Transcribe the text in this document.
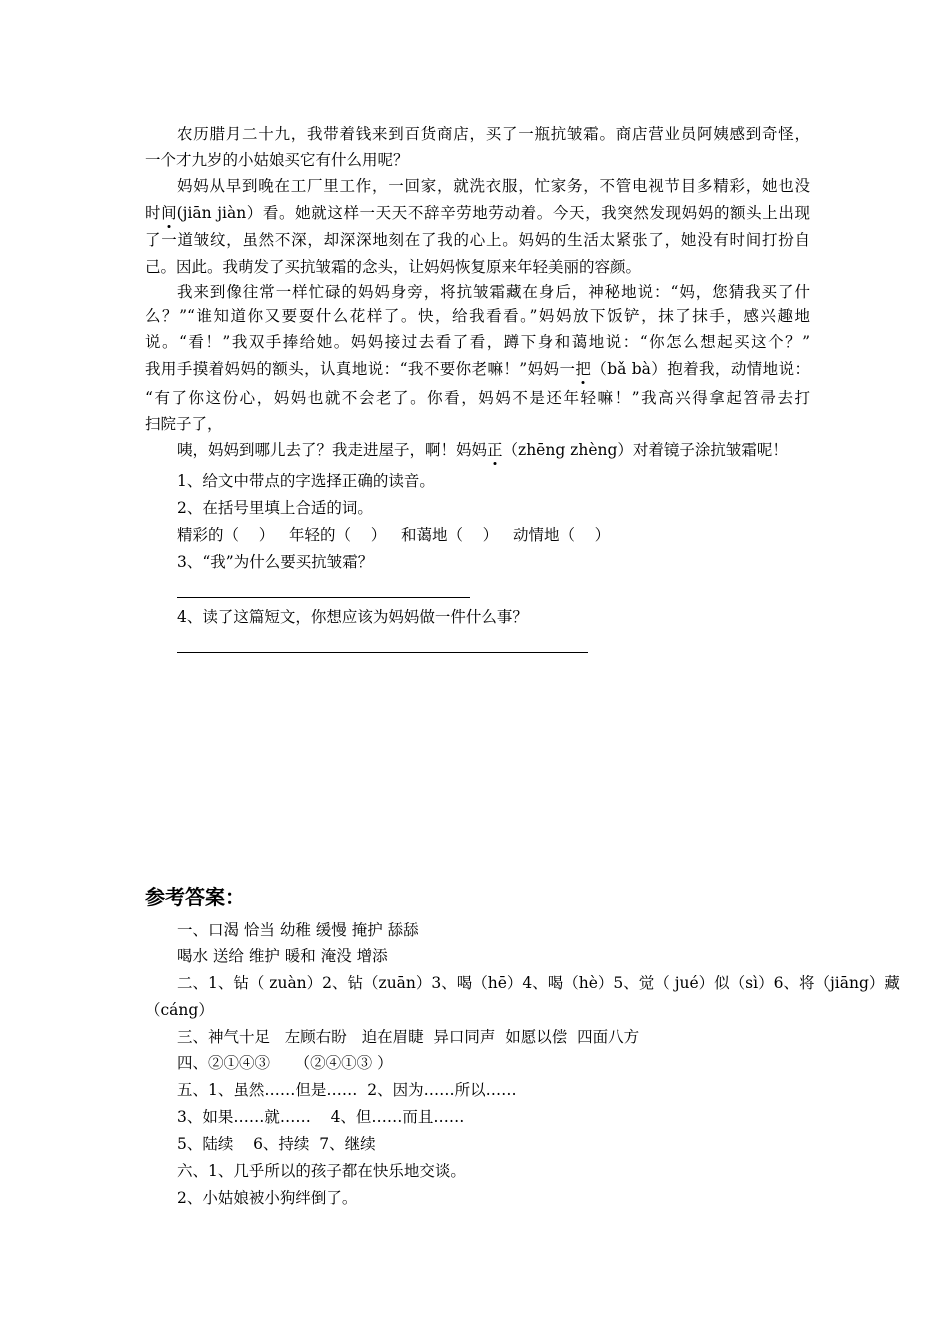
农历腊月二十九，我带着钱来到百货商店，买了一瓶抗皱霜。商店营业员阿姨感到奇怪，
一个才九岁的小姑娘买它有什么用呢？
妈妈从早到晚在工厂里工作，一回家，就洗衣服，忙家务，不管电视节目多精彩，她也没
时间(jiān jiàn）看。她就这样一天天不辞辛劳地劳动着。今天，我突然发现妈妈的额头上出现
了一道皱纹，虽然不深，却深深地刻在了我的心上。妈妈的生活太紧张了，她没有时间打扮自
己。因此。我萌发了买抗皱霜的念头，让妈妈恢复原来年轻美丽的容颜。
我来到像往常一样忙碌的妈妈身旁，将抗皱霜藏在身后，神秘地说：“妈，您猜我买了什
么？”“谁知道你又要耍什么花样了。快，给我看看。”妈妈放下饭铲，抹了抹手，感兴趣地
说。“看！”我双手捧给她。妈妈接过去看了看，蹲下身和蔼地说：“你怎么想起买这个？”
我用手摸着妈妈的额头，认真地说：“我不要你老嘛！”妈妈一把（bǎ bà）抱着我，动情地说：
“有了你这份心，妈妈也就不会老了。你看，妈妈不是还年轻嘛！”我高兴得拿起笤帚去打
扫院子了，
咦，妈妈到哪儿去了？我走进屋子，啊！妈妈正（zhēng zhèng）对着镜子涂抗皱霜呢！
1、给文中带点的字选择正确的读音。
2、在括号里填上合适的词。
精彩的（    ）   年轻的（    ）   和蔼地（    ）   动情地（    ）
3、“我”为什么要买抗皱霜？
4、读了这篇短文，你想应该为妈妈做一件什么事？
参考答案：
一、口渴 恰当 幼稚 缓慢 掩护 舔舔
喝水 送给 维护 暖和 淹没 增添
二、1、钻（ zuàn）2、钻（zuān）3、喝（hē）4、喝（hè）5、觉（ jué）似（sì）6、将（jiāng）藏
（cáng）
三、神气十足   左顾右盼   迫在眉睫  异口同声  如愿以偿  四面八方
四、②①④③     （②④①③ ）
五、1、虽然……但是……  2、因为……所以……
3、如果……就……    4、但……而且……
5、陆续    6、持续  7、继续
六、1、几乎所以的孩子都在快乐地交谈。
2、小姑娘被小狗绊倒了。
